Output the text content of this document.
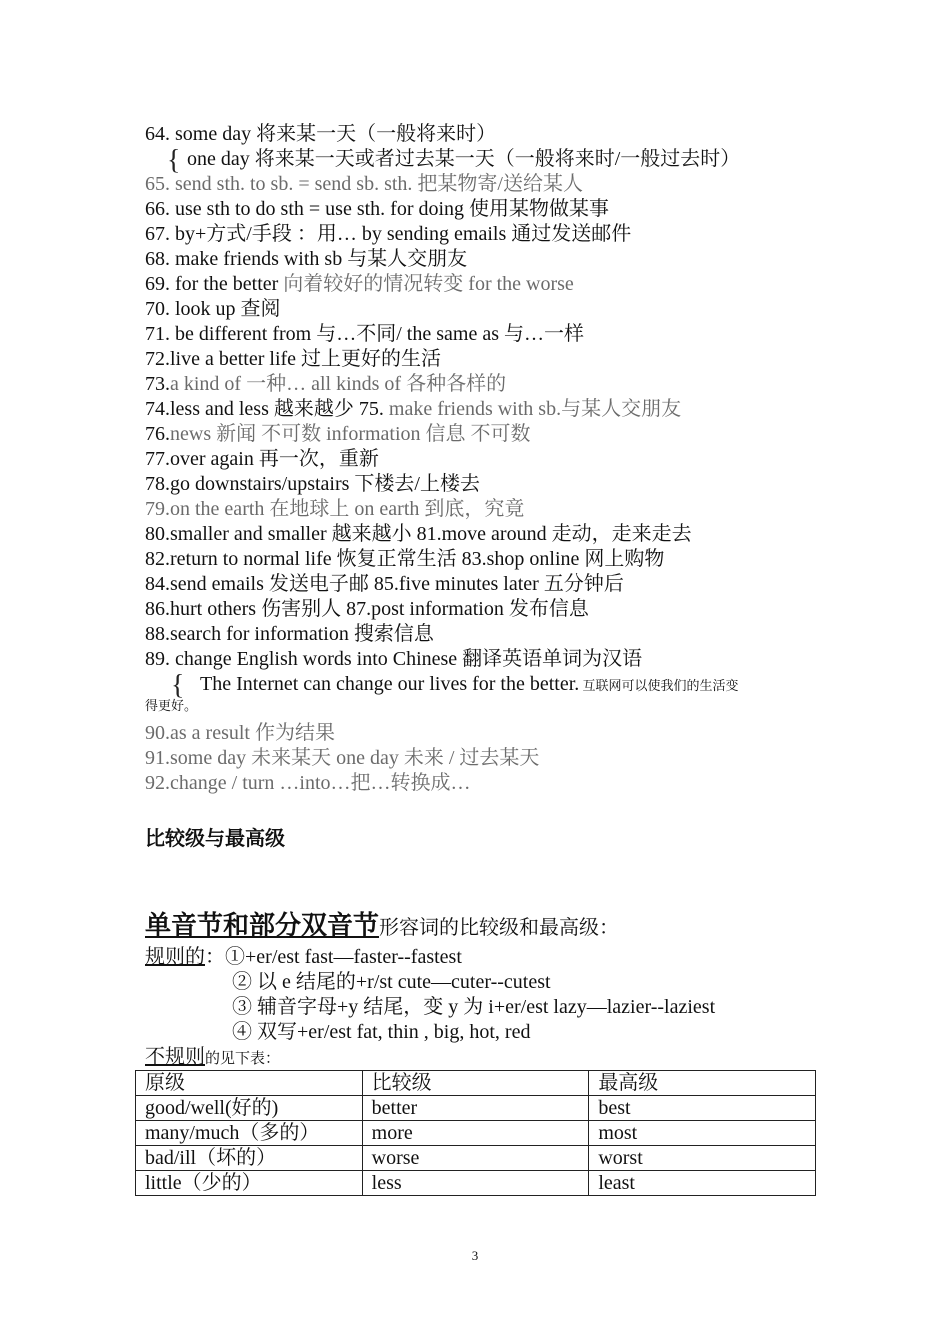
64. some day 将来某一天（一般将来时）
{ one day 将来某一天或者过去某一天（一般将来时/一般过去时）
65. send sth. to sb. = send sb. sth. 把某物寄/送给某人
66. use sth to do sth = use sth. for doing 使用某物做某事
67. by+方式/手段 ：用… by sending emails 通过发送邮件
68. make friends with sb 与某人交朋友
69. for the better 向着较好的情况转变 for the worse
70. look up 查阅
71. be different from 与…不同/ the same as 与…一样
72.live a better life 过上更好的生活
73.a kind of 一种… all kinds of 各种各样的
74.less and less 越来越少 75. make friends with sb.与某人交朋友
76.news 新闻 不可数 information 信息 不可数
77.over again 再一次，重新
78.go downstairs/upstairs 下楼去/上楼去
79.on the earth 在地球上 on earth 到底，究竟
80.smaller and smaller 越来越小 81.move around 走动，走来走去
82.return to normal life 恢复正常生活 83.shop online 网上购物
84.send emails 发送电子邮 85.five minutes later 五分钟后
86.hurt others 伤害别人 87.post information 发布信息
88.search for information 搜索信息
89. change English words into Chinese 翻译英语单词为汉语
{ The Internet can change our lives for the better. 互联网可以使我们的生活变
得更好。
90.as a result 作为结果
91.some day 未来某天 one day 未来 / 过去某天
92.change / turn …into…把…转换成…
比较级与最高级
单音节和部分双音节形容词的比较级和最高级：
规则的：①+er/est fast—faster--fastest
② 以 e 结尾的+r/st cute—cuter--cutest
③ 辅音字母+y 结尾，变 y 为 i+er/est lazy—lazier--laziest
④ 双写+er/est fat, thin , big, hot, red
不规则的见下表：
原级	比较级	最高级
good/well(好的)	better	best
many/much（多的）	more	most
bad/ill（坏的）	worse	worst
little（少的）	less	least
3
